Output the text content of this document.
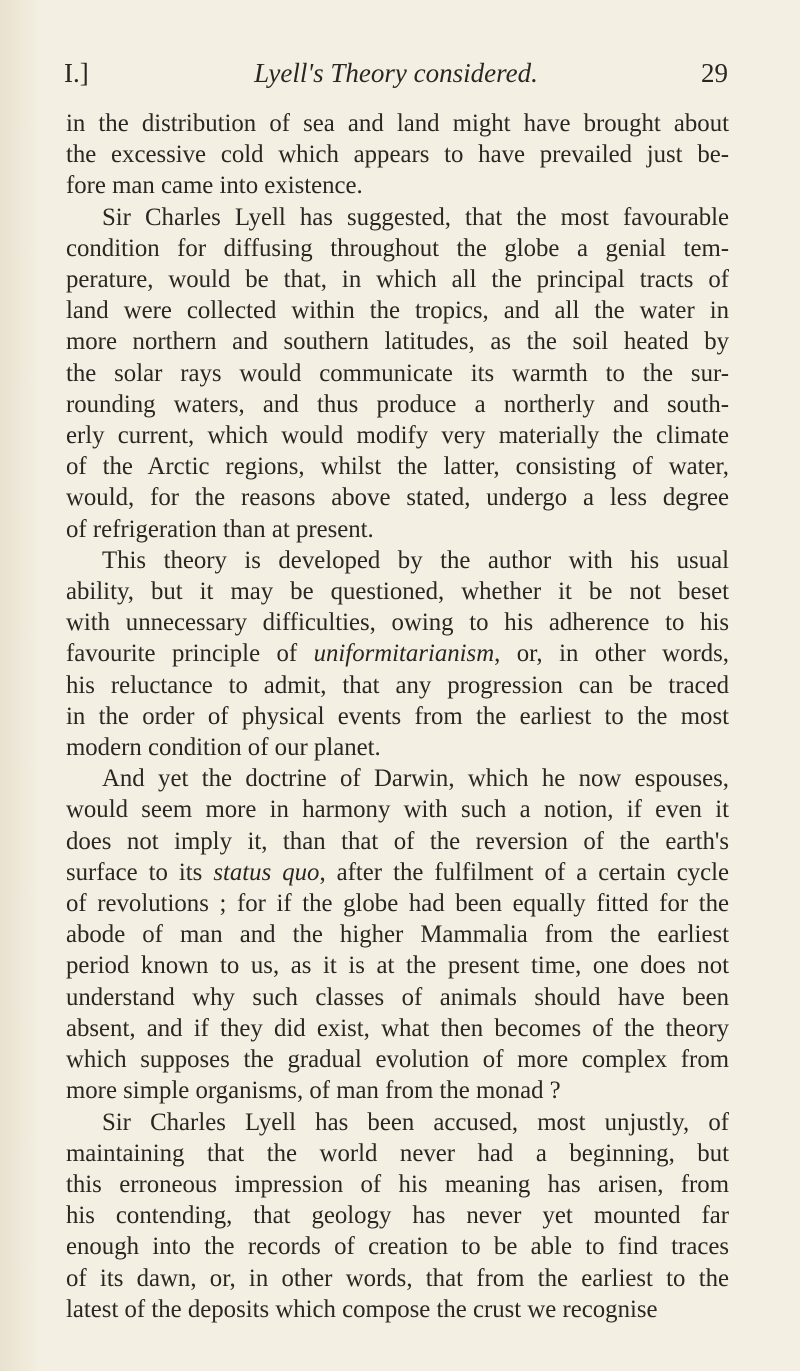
I.]	Lyell's Theory considered.	29
in the distribution of sea and land might have brought about
the excessive cold which appears to have prevailed just be-
fore man came into existence.
Sir Charles Lyell has suggested, that the most favourable
condition for diffusing throughout the globe a genial tem-
perature, would be that, in which all the principal tracts of
land were collected within the tropics, and all the water in
more northern and southern latitudes, as the soil heated by
the solar rays would communicate its warmth to the sur-
rounding waters, and thus produce a northerly and south-
erly current, which would modify very materially the climate
of the Arctic regions, whilst the latter, consisting of water,
would, for the reasons above stated, undergo a less degree
of refrigeration than at present.
This theory is developed by the author with his usual
ability, but it may be questioned, whether it be not beset
with unnecessary difficulties, owing to his adherence to his
favourite principle of uniformitarianism, or, in other words,
his reluctance to admit, that any progression can be traced
in the order of physical events from the earliest to the most
modern condition of our planet.
And yet the doctrine of Darwin, which he now espouses,
would seem more in harmony with such a notion, if even it
does not imply it, than that of the reversion of the earth's
surface to its status quo, after the fulfilment of a certain cycle
of revolutions ; for if the globe had been equally fitted for the
abode of man and the higher Mammalia from the earliest
period known to us, as it is at the present time, one does not
understand why such classes of animals should have been
absent, and if they did exist, what then becomes of the theory
which supposes the gradual evolution of more complex from
more simple organisms, of man from the monad ?
Sir Charles Lyell has been accused, most unjustly, of
maintaining that the world never had a beginning, but
this erroneous impression of his meaning has arisen, from
his contending, that geology has never yet mounted far
enough into the records of creation to be able to find traces
of its dawn, or, in other words, that from the earliest to the
latest of the deposits which compose the crust we recognise
